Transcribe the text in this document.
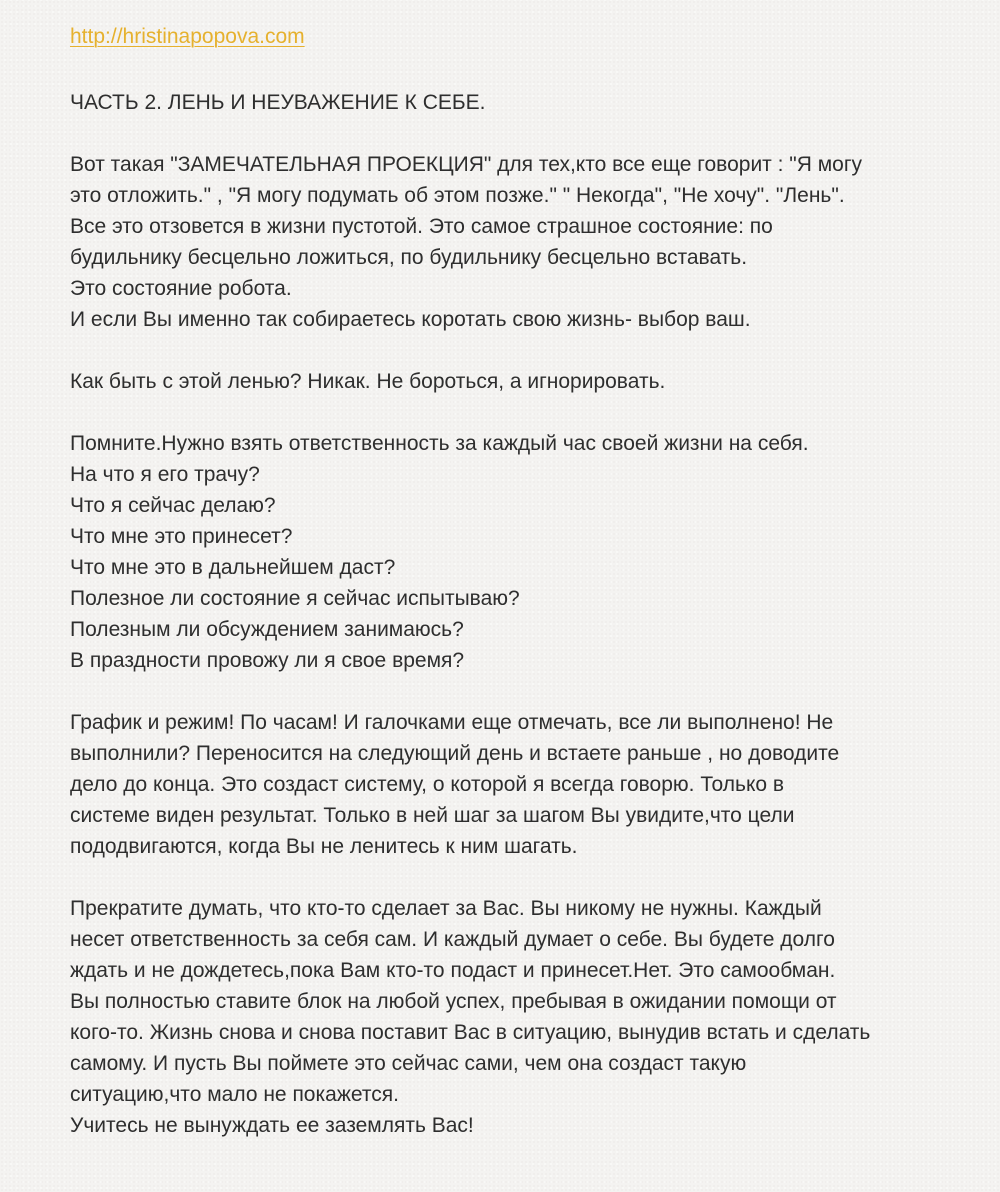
http://hristinapopova.com
ЧАСТЬ 2. ЛЕНЬ И НЕУВАЖЕНИЕ К СЕБЕ.
Вот такая "ЗАМЕЧАТЕЛЬНАЯ ПРОЕКЦИЯ" для тех,кто все еще говорит : "Я могу
это отложить." , "Я могу подумать об этом позже." " Некогда", "Не хочу". "Лень".
Все это отзовется в жизни пустотой. Это самое страшное состояние: по
будильнику бесцельно ложиться, по будильнику бесцельно вставать.
Это состояние робота.
И если Вы именно так собираетесь коротать свою жизнь- выбор ваш.
Как быть с этой ленью? Никак. Не бороться, а игнорировать.
Помните.Нужно взять ответственность за каждый час своей жизни на себя.
На что я его трачу?
Что я сейчас делаю?
Что мне это принесет?
Что мне это в дальнейшем даст?
Полезное ли состояние я сейчас испытываю?
Полезным ли обсуждением занимаюсь?
В праздности провожу ли я свое время?
График и режим! По часам! И галочками еще отмечать, все ли выполнено! Не
выполнили? Переносится на следующий день и встаете раньше , но доводите
дело до конца. Это создаст систему, о которой я всегда говорю. Только в
системе виден результат. Только в ней шаг за шагом Вы увидите,что цели
пододвигаются, когда Вы не ленитесь к ним шагать.
Прекратите думать, что кто-то сделает за Вас. Вы никому не нужны. Каждый
несет ответственность за себя сам. И каждый думает о себе. Вы будете долго
ждать и не дождетесь,пока Вам кто-то подаст и принесет.Нет. Это самообман.
Вы полностью ставите блок на любой успех, пребывая в ожидании помощи от
кого-то. Жизнь снова и снова поставит Вас в ситуацию, вынудив встать и сделать
самому. И пусть Вы поймете это сейчас сами, чем она создаст такую
ситуацию,что мало не покажется.
Учитесь не вынуждать ее заземлять Вас!
